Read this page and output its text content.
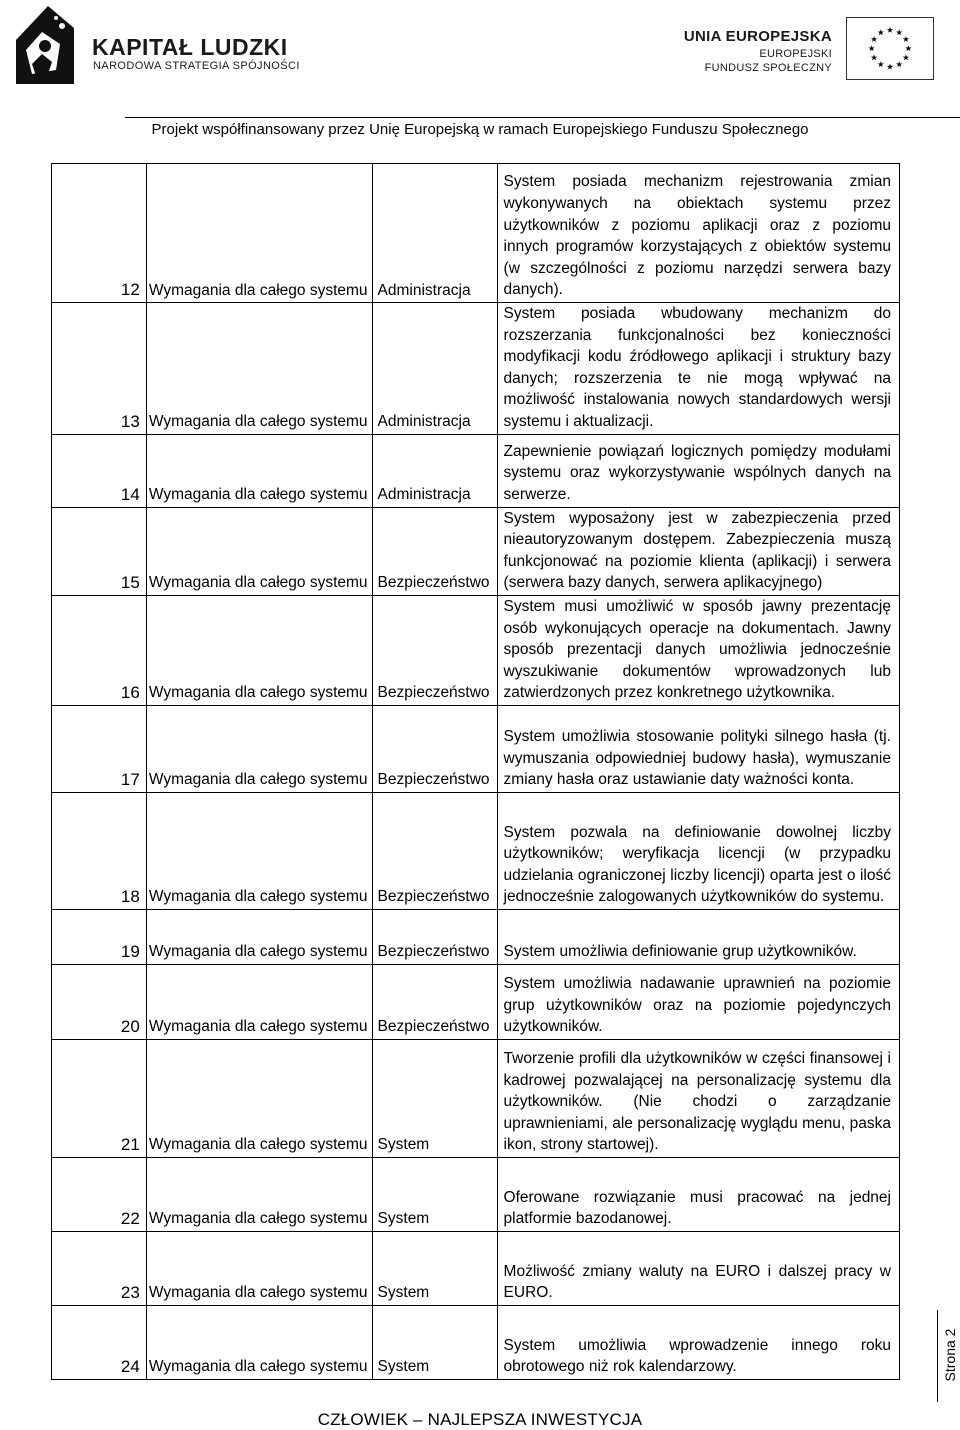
KAPITAŁ LUDZKI
NARODOWA STRATEGIA SPÓJNOŚCI
UNIA EUROPEJSKA
EUROPEJSKI
FUNDUSZ SPOŁECZNY
Projekt współfinansowany przez Unię Europejską w ramach Europejskiego Funduszu Społecznego
12	Wymagania dla całego systemu	Administracja	System posiada mechanizm rejestrowania zmian wykonywanych na obiektach systemu przez użytkowników z poziomu aplikacji oraz z poziomu innych programów korzystających z obiektów systemu (w szczególności z poziomu narzędzi serwera bazy danych).
13	Wymagania dla całego systemu	Administracja	System posiada wbudowany mechanizm do rozszerzania funkcjonalności bez konieczności modyfikacji kodu źródłowego aplikacji i struktury bazy danych; rozszerzenia te nie mogą wpływać na możliwość instalowania nowych standardowych wersji systemu i aktualizacji.
14	Wymagania dla całego systemu	Administracja	Zapewnienie powiązań logicznych pomiędzy modułami systemu oraz wykorzystywanie wspólnych danych na serwerze.
15	Wymagania dla całego systemu	Bezpieczeństwo	System wyposażony jest w zabezpieczenia przed nieautoryzowanym dostępem. Zabezpieczenia muszą funkcjonować na poziomie klienta (aplikacji) i serwera (serwera bazy danych, serwera aplikacyjnego)
16	Wymagania dla całego systemu	Bezpieczeństwo	System musi umożliwić w sposób jawny prezentację osób wykonujących operacje na dokumentach. Jawny sposób prezentacji danych umożliwia jednocześnie wyszukiwanie dokumentów wprowadzonych lub zatwierdzonych przez konkretnego użytkownika.
17	Wymagania dla całego systemu	Bezpieczeństwo	System umożliwia stosowanie polityki silnego hasła (tj. wymuszania odpowiedniej budowy hasła), wymuszanie zmiany hasła oraz ustawianie daty ważności konta.
18	Wymagania dla całego systemu	Bezpieczeństwo	System pozwala na definiowanie dowolnej liczby użytkowników; weryfikacja licencji (w przypadku udzielania ograniczonej liczby licencji) oparta jest o ilość jednocześnie zalogowanych użytkowników do systemu.
19	Wymagania dla całego systemu	Bezpieczeństwo	System umożliwia definiowanie grup użytkowników.
20	Wymagania dla całego systemu	Bezpieczeństwo	System umożliwia nadawanie uprawnień na poziomie grup użytkowników oraz na poziomie pojedynczych użytkowników.
21	Wymagania dla całego systemu	System	Tworzenie profili dla użytkowników w części finansowej i kadrowej pozwalającej na personalizację systemu dla użytkowników. (Nie chodzi o zarządzanie uprawnieniami, ale personalizację wyglądu menu, paska ikon, strony startowej).
22	Wymagania dla całego systemu	System	Oferowane rozwiązanie musi pracować na jednej platformie bazodanowej.
23	Wymagania dla całego systemu	System	Możliwość zmiany waluty na EURO i dalszej pracy w EURO.
24	Wymagania dla całego systemu	System	System umożliwia wprowadzenie innego roku obrotowego niż rok kalendarzowy.	Strona 2
CZŁOWIEK – NAJLEPSZA INWESTYCJA
